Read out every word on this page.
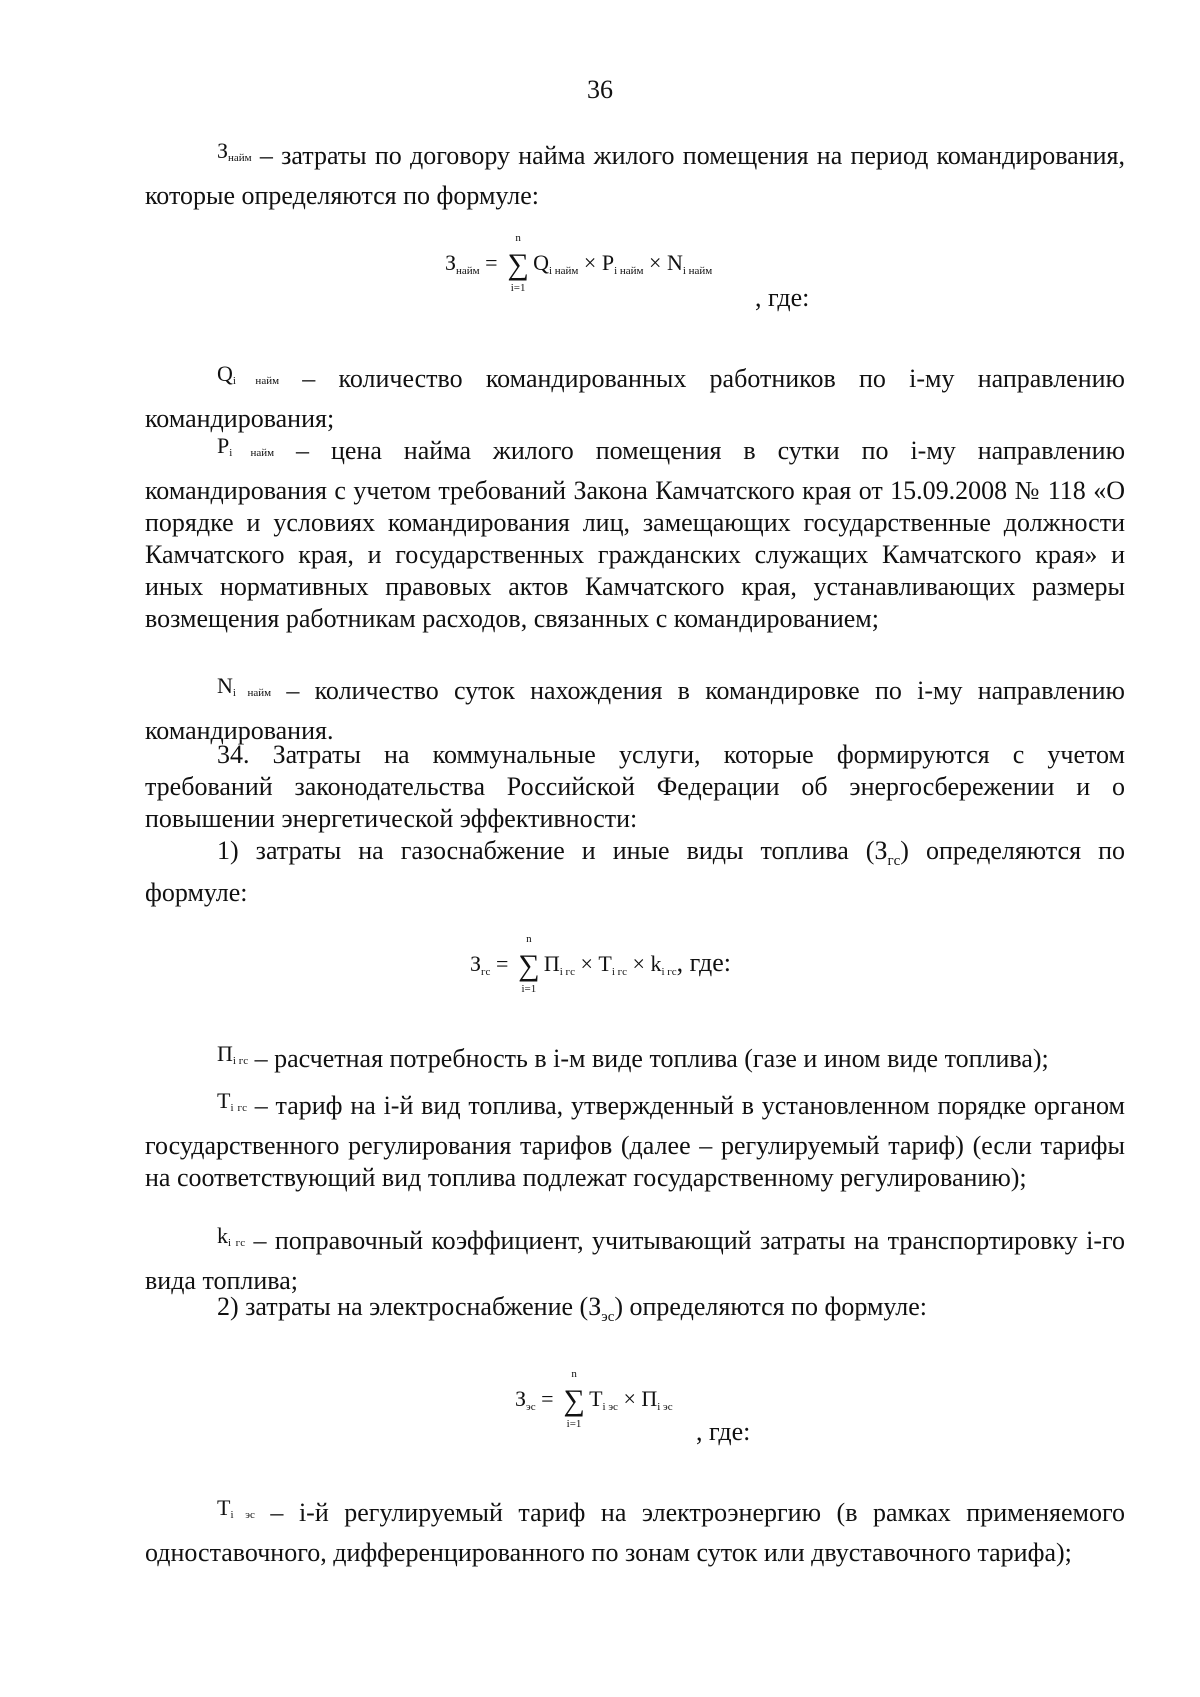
36
$^{З_{найм}}$ – затраты по договору найма жилого помещения на период командирования, которые определяются по формуле:
Знайм = ∑
n
i=1
Qi найм × Pi найм × Ni найм
, где:
$^{Q_{i найм}}$ – количество командированных работников по i-му направлению командирования;
$^{P_{i найм}}$ – цена найма жилого помещения в сутки по i-му направлению командирования с учетом требований Закона Камчатского края от 15.09.2008 № 118 «О порядке и условиях командирования лиц, замещающих государственные должности Камчатского края, и государственных гражданских служащих Камчатского края» и иных нормативных правовых актов Камчатского края, устанавливающих размеры возмещения работникам расходов, связанных с командированием;
$^{N_{i найм}}$ – количество суток нахождения в командировке по i-му направлению командирования.
34. Затраты на коммунальные услуги, которые формируются с учетом требований законодательства Российской Федерации об энергосбережении и о повышении энергетической эффективности:
1) затраты на газоснабжение и иные виды топлива $(З_{гс})$ определяются по формуле:
Згс = ∑
n
i=1
Пi гс × Ti гс × ki гс, где:
$^{П_{i гс}}$ – расчетная потребность в i-м виде топлива (газе и ином виде топлива);
$^{T_{i гс}}$ – тариф на i-й вид топлива, утвержденный в установленном порядке органом государственного регулирования тарифов (далее – регулируемый тариф) (если тарифы на соответствующий вид топлива подлежат государственному регулированию);
$^{k_{i гс}}$ – поправочный коэффициент, учитывающий затраты на транспортировку i-го вида топлива;
2) затраты на электроснабжение $(З_{эс})$ определяются по формуле:
Зэс = ∑
n
i=1
Ti эс × Пi эс
, где:
$^{T_{i эс}}$ – i-й регулируемый тариф на электроэнергию (в рамках применяемого одноставочного, дифференцированного по зонам суток или двуставочного тарифа);
